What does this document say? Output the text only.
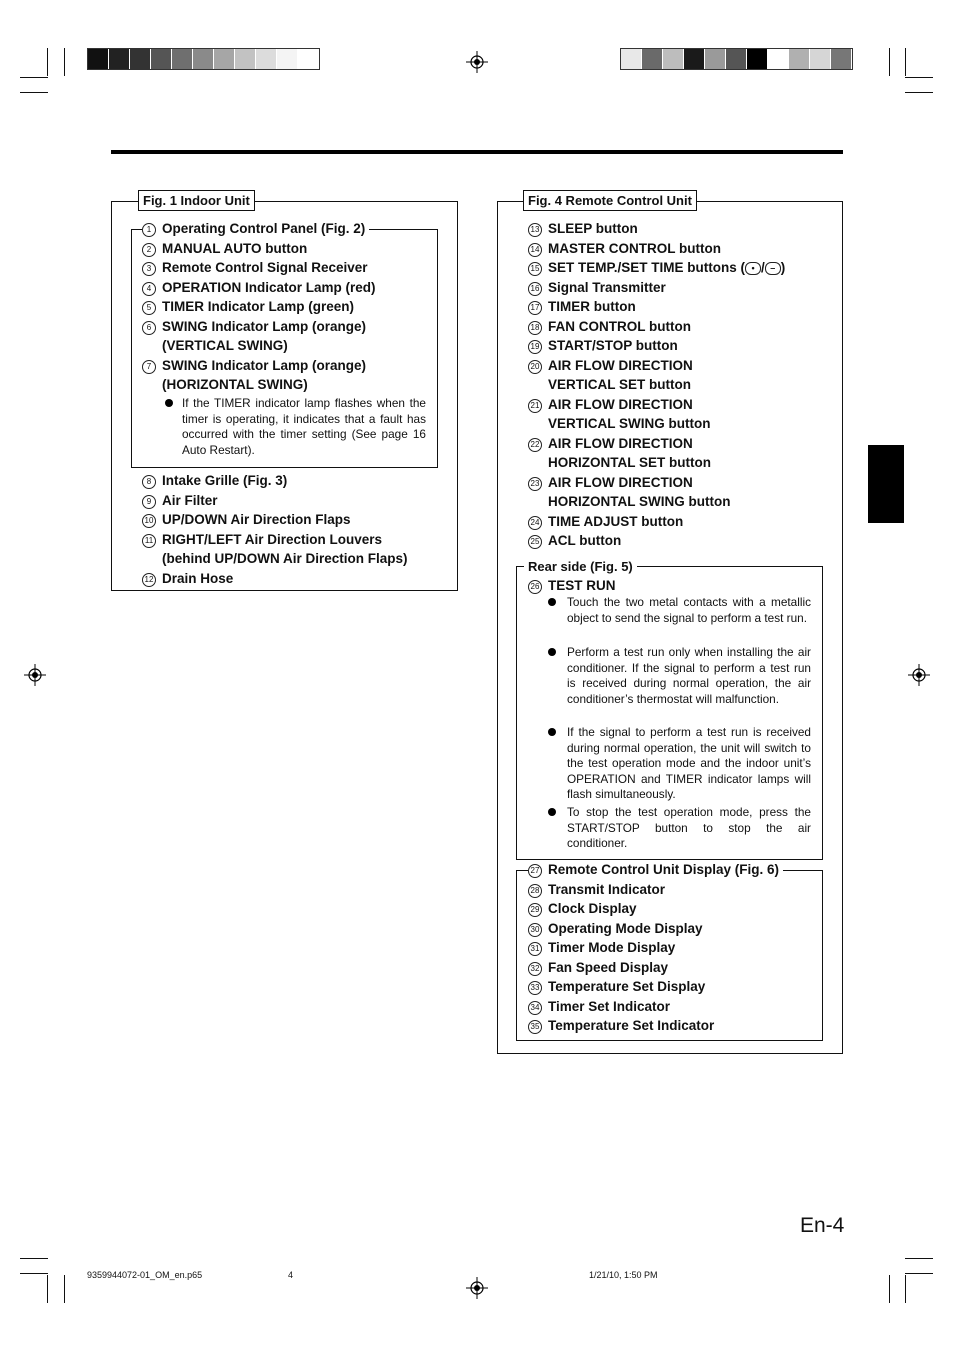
Fig. 1 Indoor Unit
1 Operating Control Panel (Fig. 2)
2 MANUAL AUTO button
3 Remote Control Signal Receiver
4 OPERATION Indicator Lamp (red)
5 TIMER Indicator Lamp (green)
6 SWING Indicator Lamp (orange)
(VERTICAL SWING)
7 SWING Indicator Lamp (orange)
(HORIZONTAL SWING)
8 Intake Grille (Fig. 3)
9 Air Filter
10 UP/DOWN Air Direction Flaps
11 RIGHT/LEFT Air Direction Louvers
(behind UP/DOWN Air Direction Flaps)
12 Drain Hose
If the TIMER indicator lamp flashes when the timer is operating, it indicates that a fault has occurred with the timer setting (See page 16 Auto Restart).
Fig. 4 Remote Control Unit
13 SLEEP button
14 MASTER CONTROL button
15 SET TEMP./SET TIME buttons ( • / – )
16 Signal Transmitter
17 TIMER button
18 FAN CONTROL button
19 START/STOP button
20 AIR FLOW DIRECTION
VERTICAL SET button
21 AIR FLOW DIRECTION
VERTICAL SWING button
22 AIR FLOW DIRECTION
HORIZONTAL SET button
23 AIR FLOW DIRECTION
HORIZONTAL SWING button
24 TIME ADJUST button
25 ACL button
Rear side (Fig. 5)
26 TEST RUN
Touch the two metal contacts with a metallic object to send the signal to perform a test run.
Perform a test run only when installing the air conditioner. If the signal to perform a test run is received during normal operation, the air conditioner’s thermostat will malfunction.
If the signal to perform a test run is received during normal operation, the unit will switch to the test operation mode and the indoor unit’s OPERATION and TIMER indicator lamps will flash simultaneously.
To stop the test operation mode, press the START/STOP button to stop the air conditioner.
27 Remote Control Unit Display (Fig. 6)
28 Transmit Indicator
29 Clock Display
30 Operating Mode Display
31 Timer Mode Display
32 Fan Speed Display
33 Temperature Set Display
34 Timer Set Indicator
35 Temperature Set Indicator
En-4
9359944072-01_OM_en.p65	4	1/21/10, 1:50 PM
